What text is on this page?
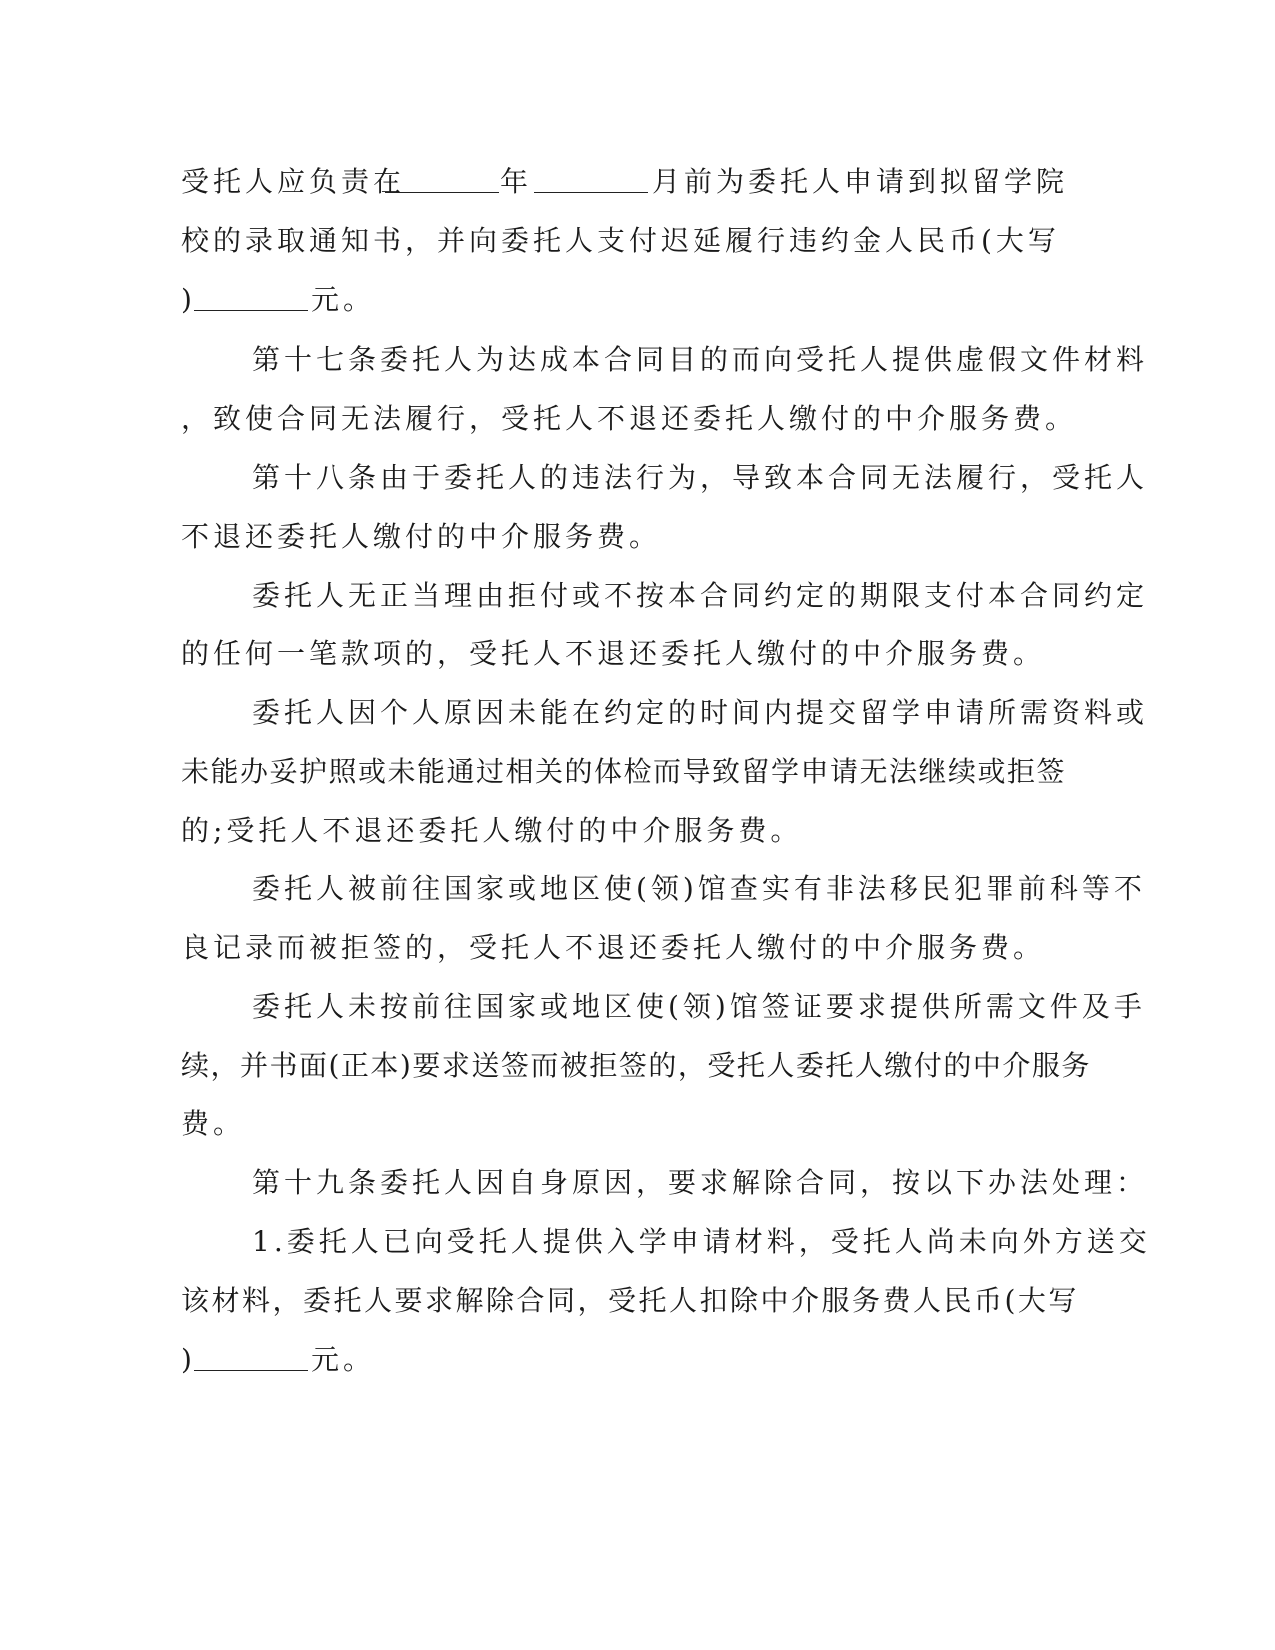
受托人应负责在	年	月前为委托人申请到拟留学院
校的录取通知书，并向委托人支付迟延履行违约金人民币(大写
)	元。
第十七条委托人为达成本合同目的而向受托人提供虚假文件材料
，致使合同无法履行，受托人不退还委托人缴付的中介服务费。
第十八条由于委托人的违法行为，导致本合同无法履行，受托人
不退还委托人缴付的中介服务费。
委托人无正当理由拒付或不按本合同约定的期限支付本合同约定
的任何一笔款项的，受托人不退还委托人缴付的中介服务费。
委托人因个人原因未能在约定的时间内提交留学申请所需资料或
未能办妥护照或未能通过相关的体检而导致留学申请无法继续或拒签
的;受托人不退还委托人缴付的中介服务费。
委托人被前往国家或地区使(领)馆查实有非法移民犯罪前科等不
良记录而被拒签的，受托人不退还委托人缴付的中介服务费。
委托人未按前往国家或地区使(领)馆签证要求提供所需文件及手
续，并书面(正本)要求送签而被拒签的，受托人委托人缴付的中介服务
费。
第十九条委托人因自身原因，要求解除合同，按以下办法处理：
1.委托人已向受托人提供入学申请材料，受托人尚未向外方送交
该材料，委托人要求解除合同，受托人扣除中介服务费人民币(大写
)	元。
